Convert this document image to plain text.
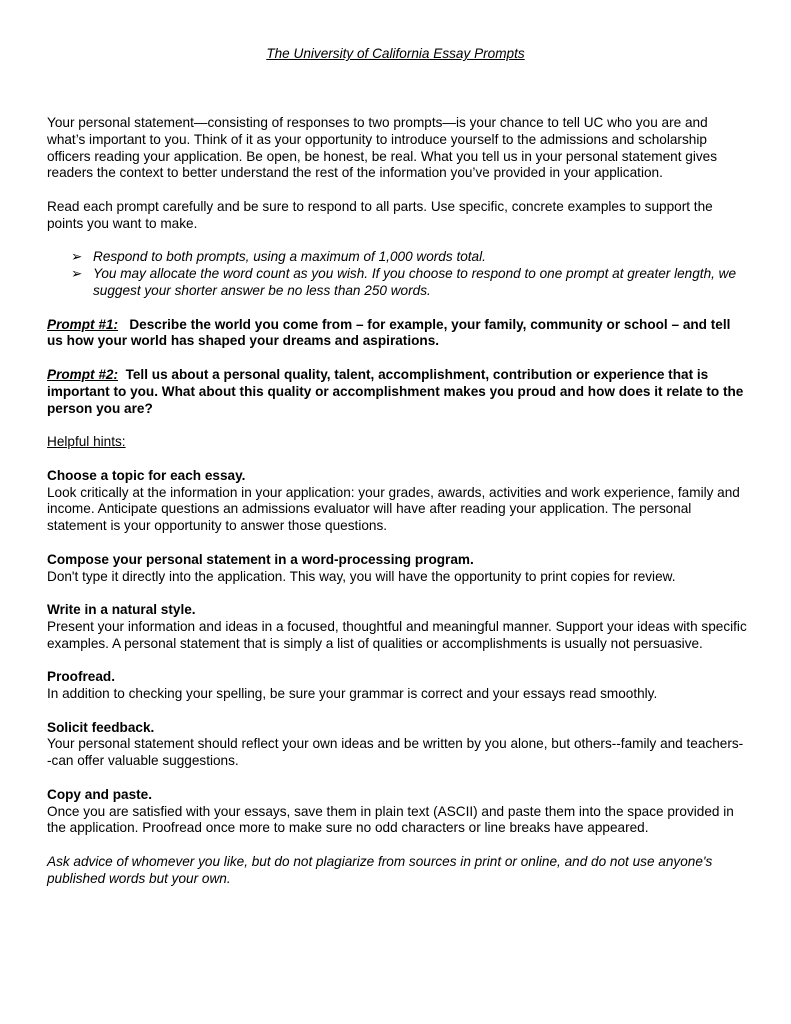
The University of California Essay Prompts

Your personal statement—consisting of responses to two prompts—is your chance to tell UC who you are and what’s important to you. Think of it as your opportunity to introduce yourself to the admissions and scholarship officers reading your application. Be open, be honest, be real. What you tell us in your personal statement gives readers the context to better understand the rest of the information you’ve provided in your application.

Read each prompt carefully and be sure to respond to all parts. Use specific, concrete examples to support the points you want to make.

➢ Respond to both prompts, using a maximum of 1,000 words total.
➢ You may allocate the word count as you wish. If you choose to respond to one prompt at greater length, we suggest your shorter answer be no less than 250 words.

Prompt #1: Describe the world you come from – for example, your family, community or school – and tell us how your world has shaped your dreams and aspirations.

Prompt #2: Tell us about a personal quality, talent, accomplishment, contribution or experience that is important to you. What about this quality or accomplishment makes you proud and how does it relate to the person you are?

Helpful hints:

Choose a topic for each essay.

Look critically at the information in your application: your grades, awards, activities and work experience, family and income. Anticipate questions an admissions evaluator will have after reading your application. The personal statement is your opportunity to answer those questions.

Compose your personal statement in a word-processing program.

Don't type it directly into the application. This way, you will have the opportunity to print copies for review.

Write in a natural style.

Present your information and ideas in a focused, thoughtful and meaningful manner. Support your ideas with specific examples. A personal statement that is simply a list of qualities or accomplishments is usually not persuasive.

Proofread.

In addition to checking your spelling, be sure your grammar is correct and your essays read smoothly.

Solicit feedback.

Your personal statement should reflect your own ideas and be written by you alone, but others--family and teachers--can offer valuable suggestions.

Copy and paste.

Once you are satisfied with your essays, save them in plain text (ASCII) and paste them into the space provided in the application. Proofread once more to make sure no odd characters or line breaks have appeared.

Ask advice of whomever you like, but do not plagiarize from sources in print or online, and do not use anyone's published words but your own.
